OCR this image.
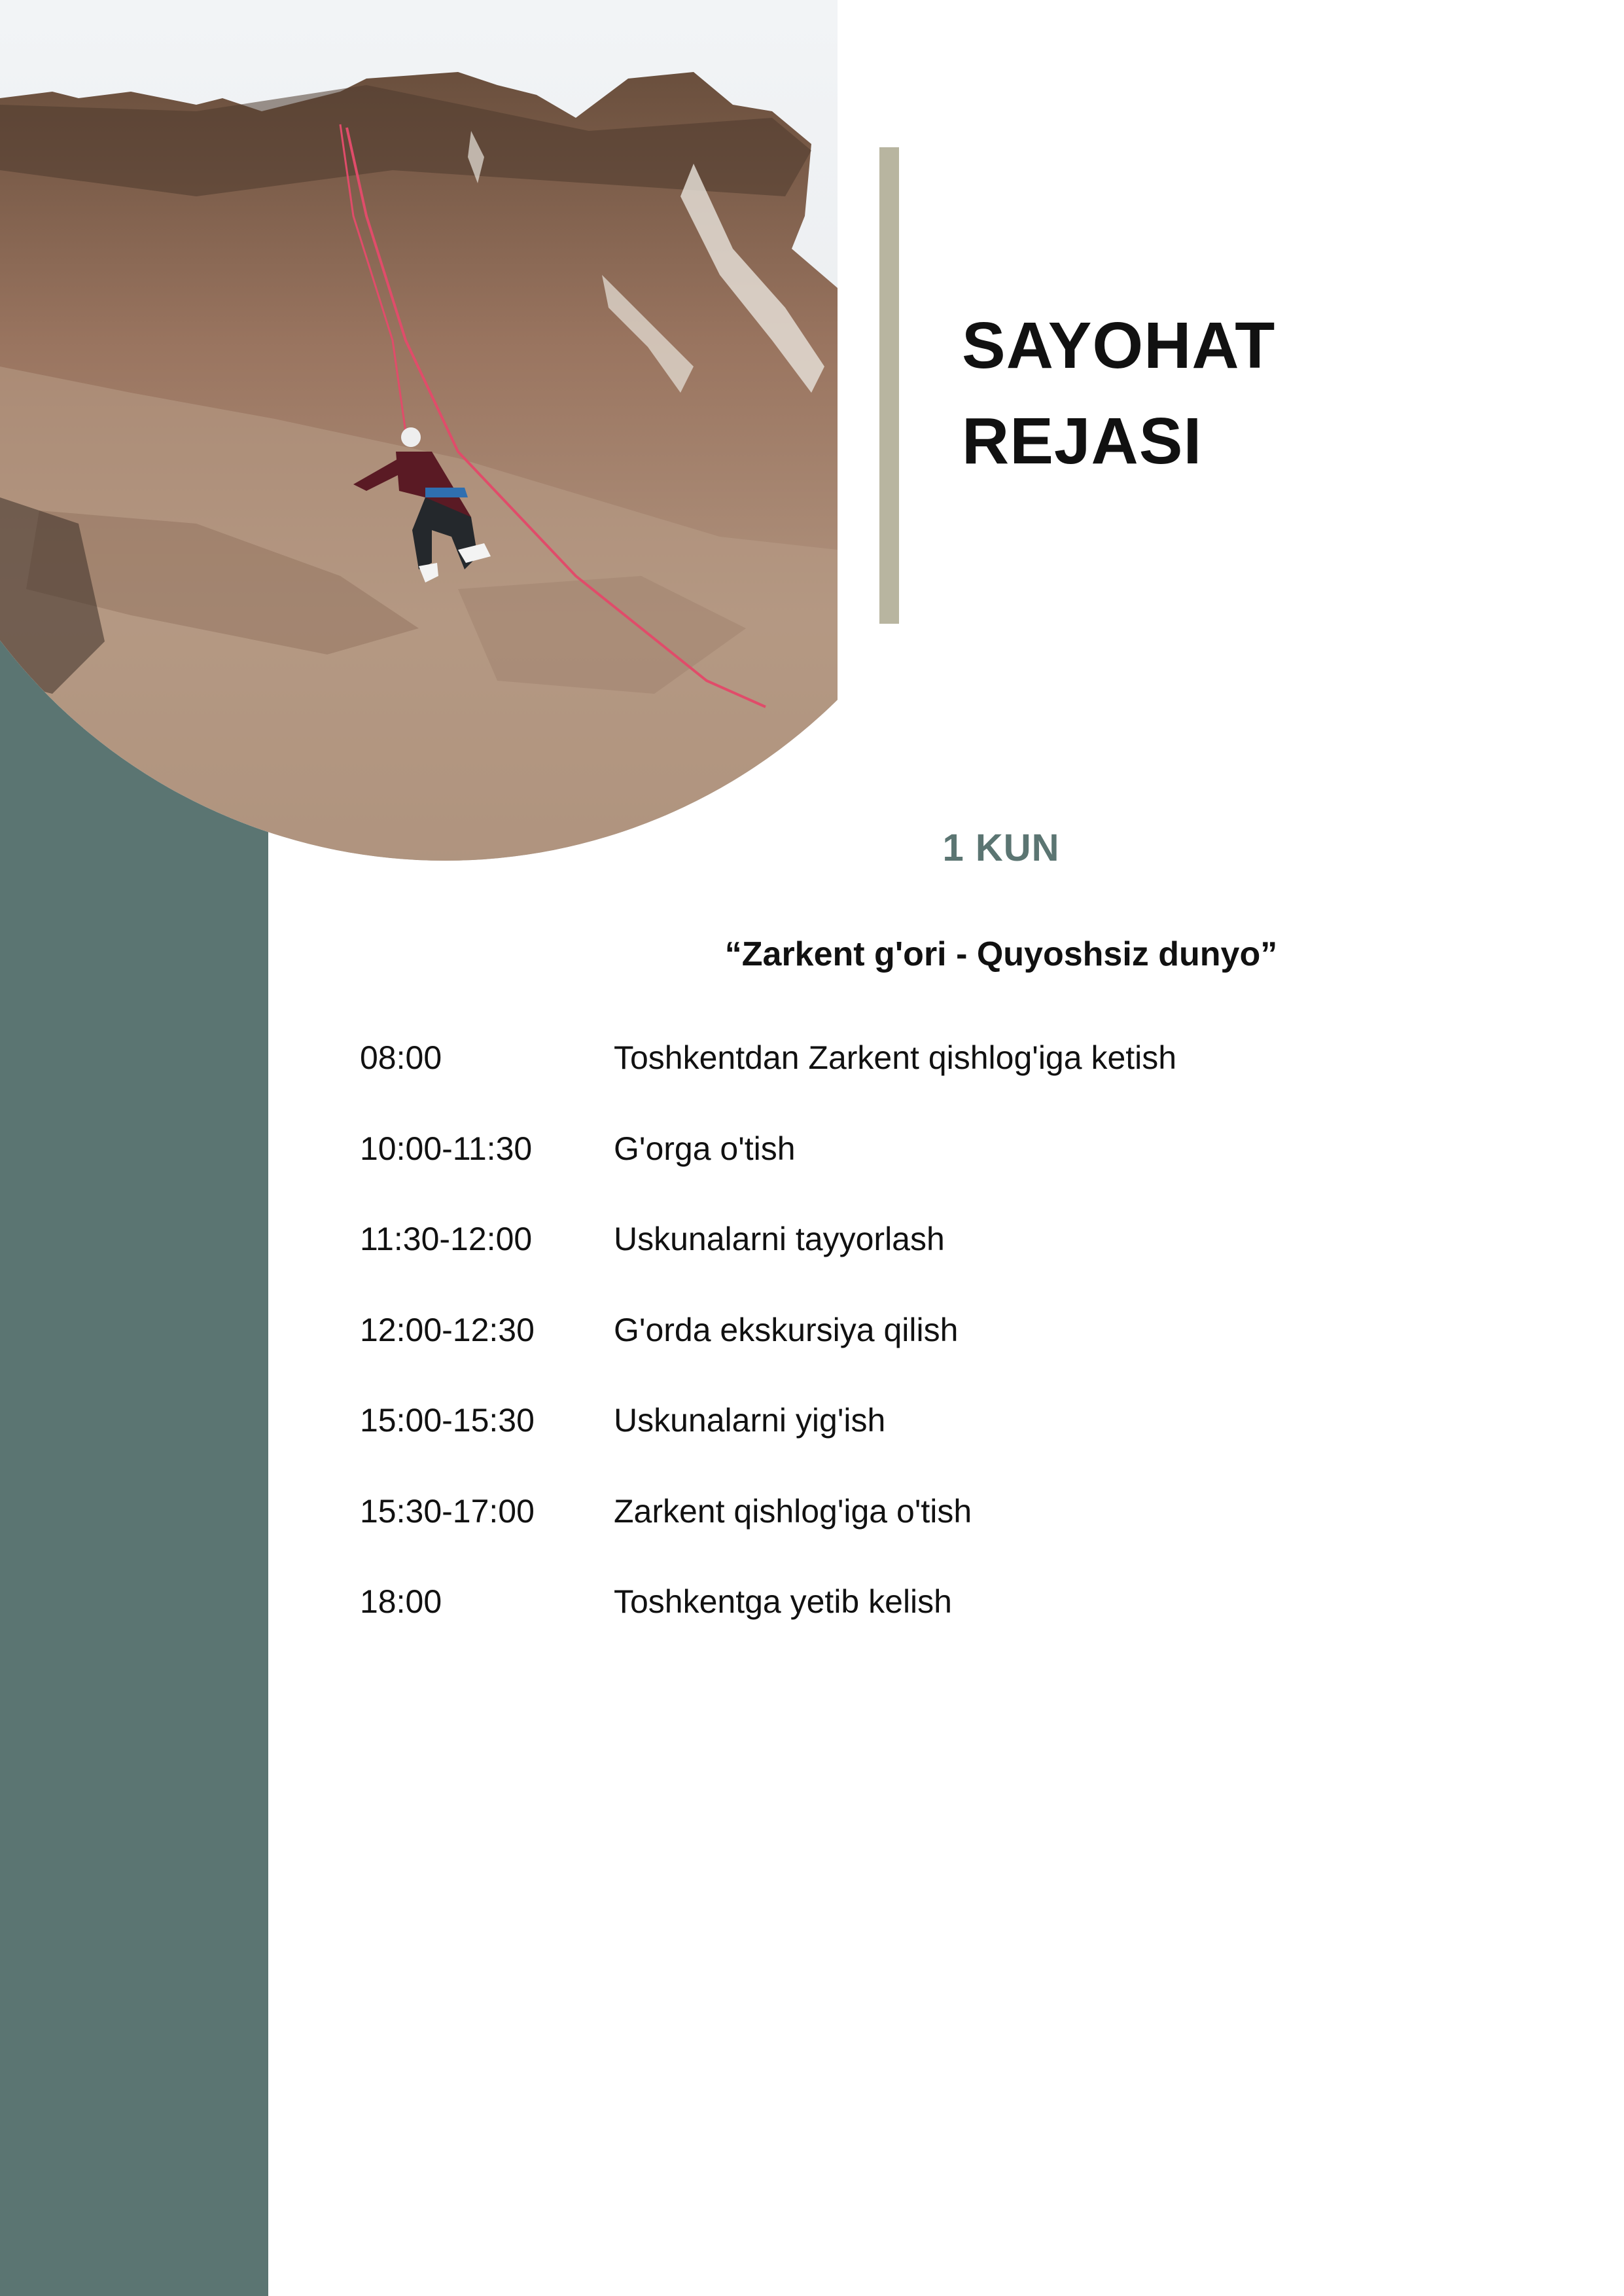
SAYOHAT
REJASI
1 KUN
“Zarkent g'ori - Quyoshsiz dunyo”
08:00	Toshkentdan Zarkent qishlog'iga ketish
10:00-11:30 G'orga o'tish
11:30-12:00 Uskunalarni tayyorlash
12:00-12:30 G'orda ekskursiya qilish
15:00-15:30 Uskunalarni yig'ish
15:30-17:00 Zarkent qishlog'iga o'tish
18:00	Toshkentga yetib kelish
